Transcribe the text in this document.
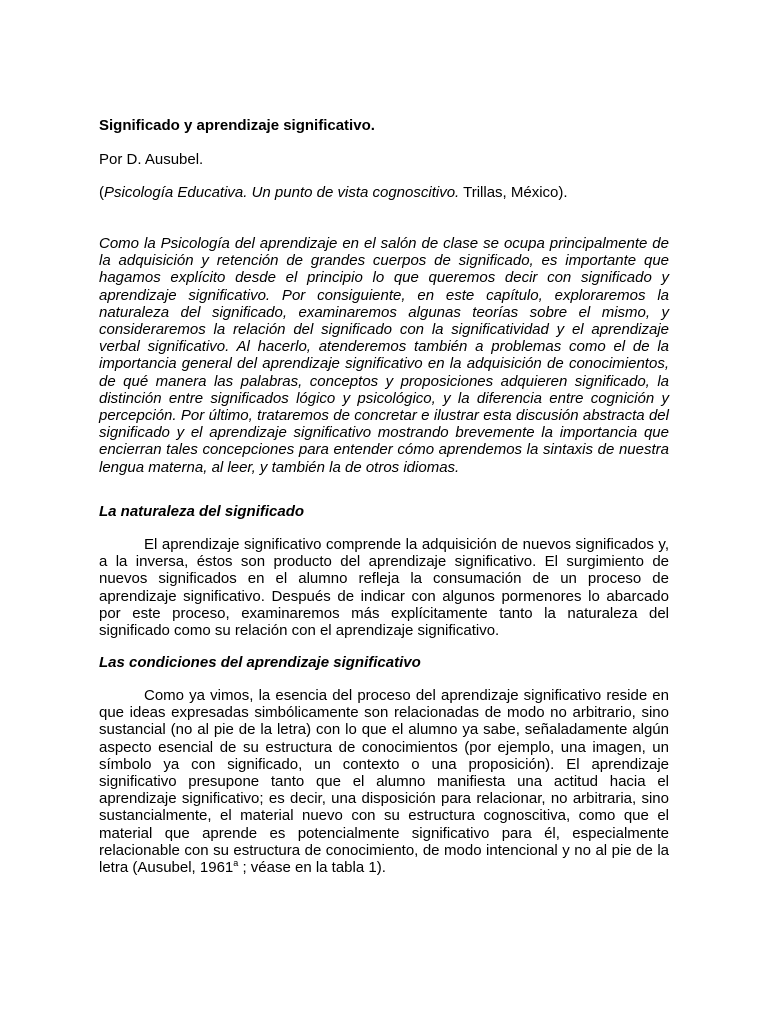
Significado y aprendizaje significativo.
Por D. Ausubel.
(Psicología Educativa. Un punto de vista cognoscitivo. Trillas, México).
Como la Psicología del aprendizaje en el salón de clase se ocupa principalmente de la adquisición y retención de grandes cuerpos de significado, es importante que hagamos explícito desde el principio lo que queremos decir con significado y aprendizaje significativo. Por consiguiente, en este capítulo, exploraremos la naturaleza del significado, examinaremos algunas teorías sobre el mismo, y consideraremos la relación del significado con la significatividad y el aprendizaje verbal significativo. Al hacerlo, atenderemos también a problemas como el de la importancia general del aprendizaje significativo en la adquisición de conocimientos, de qué manera las palabras, conceptos y proposiciones adquieren significado, la distinción entre significados lógico y psicológico, y la diferencia entre cognición y percepción. Por último, trataremos de concretar e ilustrar esta discusión abstracta del significado y el aprendizaje significativo mostrando brevemente la importancia que encierran tales concepciones para entender cómo aprendemos la sintaxis de nuestra lengua materna, al leer, y también la de otros idiomas.
La naturaleza del significado
El aprendizaje significativo comprende la adquisición de nuevos significados y, a la inversa, éstos son producto del aprendizaje significativo. El surgimiento de nuevos significados en el alumno refleja la consumación de un proceso de aprendizaje significativo. Después de indicar con algunos pormenores lo abarcado por este proceso, examinaremos más explícitamente tanto la naturaleza del significado como su relación con el aprendizaje significativo.
Las condiciones del aprendizaje significativo
Como ya vimos, la esencia del proceso del aprendizaje significativo reside en que ideas expresadas simbólicamente son relacionadas de modo no arbitrario, sino sustancial (no al pie de la letra) con lo que el alumno ya sabe, señaladamente algún aspecto esencial de su estructura de conocimientos (por ejemplo, una imagen, un símbolo ya con significado, un contexto o una proposición). El aprendizaje significativo presupone tanto que el alumno manifiesta una actitud hacia el aprendizaje significativo; es decir, una disposición para relacionar, no arbitraria, sino sustancialmente, el material nuevo con su estructura cognoscitiva, como que el material que aprende es potencialmente significativo para él, especialmente relacionable con su estructura de conocimiento, de modo intencional y no al pie de la letra (Ausubel, 1961$^a$ ; véase en la tabla 1).
